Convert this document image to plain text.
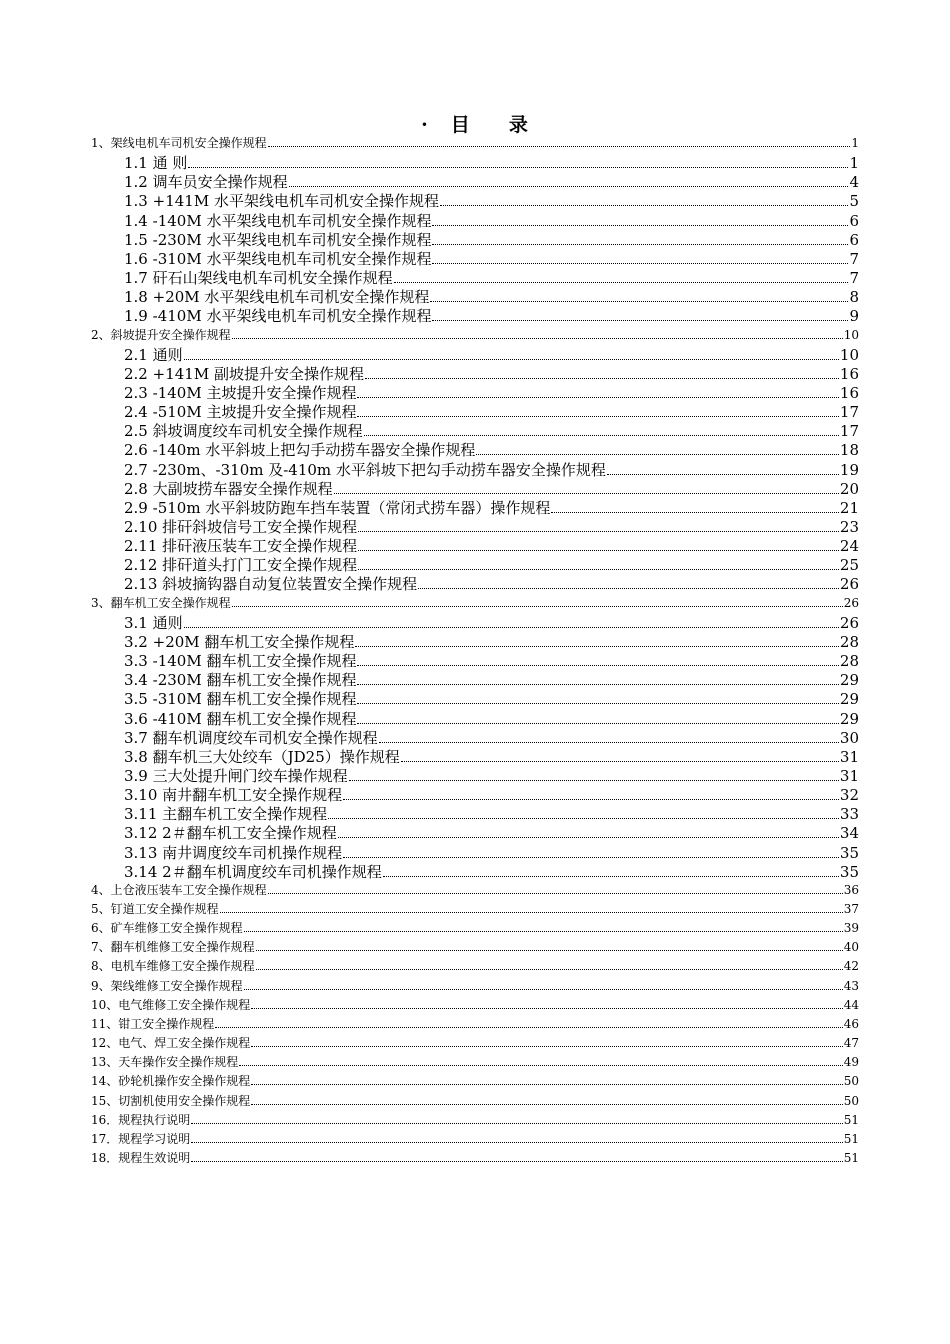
· 目 录
1、架线电机车司机安全操作规程	1
1.1 通 则	1
1.2 调车员安全操作规程	4
1.3 +141M 水平架线电机车司机安全操作规程	5
1.4 -140M 水平架线电机车司机安全操作规程	6
1.5 -230M 水平架线电机车司机安全操作规程	6
1.6 -310M 水平架线电机车司机安全操作规程	7
1.7 矸石山架线电机车司机安全操作规程	7
1.8 +20M 水平架线电机车司机安全操作规程	8
1.9 -410M 水平架线电机车司机安全操作规程	9
2、斜坡提升安全操作规程	10
2.1 通则	10
2.2 +141M 副坡提升安全操作规程	16
2.3 -140M 主坡提升安全操作规程	16
2.4 -510M 主坡提升安全操作规程	17
2.5 斜坡调度绞车司机安全操作规程	17
2.6 -140m 水平斜坡上把勾手动捞车器安全操作规程	18
2.7 -230m、-310m 及-410m 水平斜坡下把勾手动捞车器安全操作规程	19
2.8 大副坡捞车器安全操作规程	20
2.9 -510m 水平斜坡防跑车挡车装置（常闭式捞车器）操作规程	21
2.10 排矸斜坡信号工安全操作规程	23
2.11 排矸液压装车工安全操作规程	24
2.12 排矸道头打门工安全操作规程	25
2.13 斜坡摘钩器自动复位装置安全操作规程	26
3、翻车机工安全操作规程	26
3.1 通则	26
3.2 +20M 翻车机工安全操作规程	28
3.3 -140M 翻车机工安全操作规程	28
3.4 -230M 翻车机工安全操作规程	29
3.5 -310M 翻车机工安全操作规程	29
3.6 -410M 翻车机工安全操作规程	29
3.7 翻车机调度绞车司机安全操作规程	30
3.8 翻车机三大处绞车（JD25）操作规程	31
3.9 三大处提升闸门绞车操作规程	31
3.10 南井翻车机工安全操作规程	32
3.11 主翻车机工安全操作规程	33
3.12 2＃翻车机工安全操作规程	34
3.13 南井调度绞车司机操作规程	35
3.14 2＃翻车机调度绞车司机操作规程	35
4、上仓液压装车工安全操作规程	36
5、钉道工安全操作规程	37
6、矿车维修工安全操作规程	39
7、翻车机维修工安全操作规程	40
8、电机车维修工安全操作规程	42
9、架线维修工安全操作规程	43
10、电气维修工安全操作规程	44
11、钳工安全操作规程	46
12、电气、焊工安全操作规程	47
13、天车操作安全操作规程	49
14、砂轮机操作安全操作规程	50
15、切割机使用安全操作规程	50
16．规程执行说明	51
17．规程学习说明	51
18．规程生效说明	51
